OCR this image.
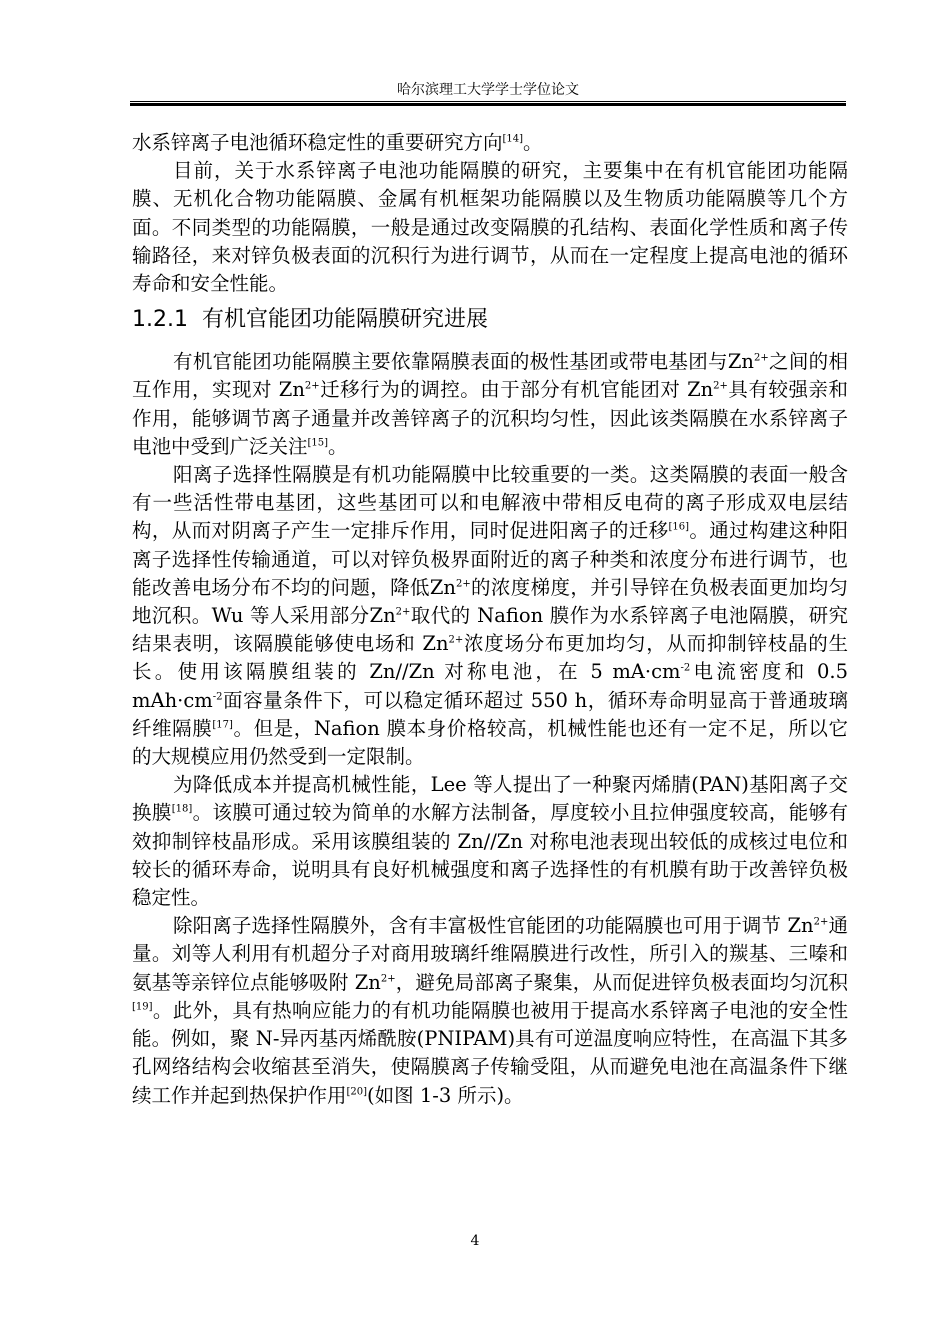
哈尔滨理工大学学士学位论文

水系锌离子电池循环稳定性的重要研究方向[14]。

目前，关于水系锌离子电池功能隔膜的研究，主要集中在有机官能团功能隔膜、无机化合物功能隔膜、金属有机框架功能隔膜以及生物质功能隔膜等几个方面。不同类型的功能隔膜，一般是通过改变隔膜的孔结构、表面化学性质和离子传输路径，来对锌负极表面的沉积行为进行调节，从而在一定程度上提高电池的循环寿命和安全性能。

1.2.1 有机官能团功能隔膜研究进展

有机官能团功能隔膜主要依靠隔膜表面的极性基团或带电基团与$Zn^{2+}$之间的相互作用，实现对 $Zn^{2+}$迁移行为的调控。由于部分有机官能团对 $Zn^{2+}$具有较强亲和作用，能够调节离子通量并改善锌离子的沉积均匀性，因此该类隔膜在水系锌离子电池中受到广泛关注[15]。

阳离子选择性隔膜是有机功能隔膜中比较重要的一类。这类隔膜的表面一般含有一些活性带电基团，这些基团可以和电解液中带相反电荷的离子形成双电层结构，从而对阴离子产生一定排斥作用，同时促进阳离子的迁移[16]。通过构建这种阳离子选择性传输通道，可以对锌负极界面附近的离子种类和浓度分布进行调节，也能改善电场分布不均的问题，降低$Zn^{2+}$的浓度梯度，并引导锌在负极表面更加均匀地沉积。Wu 等人采用部分$Zn^{2+}$取代的 Nafion 膜作为水系锌离子电池隔膜，研究结果表明，该隔膜能够使电场和 $Zn^{2+}$浓度场分布更加均匀，从而抑制锌枝晶的生长。使用该隔膜组装的 Zn//Zn 对称电池，在 5 $mA\cdot cm^{-2}$电流密度和 0.5 $mAh\cdot cm^{-2}$面容量条件下，可以稳定循环超过 550 h，循环寿命明显高于普通玻璃纤维隔膜[17]。但是，Nafion 膜本身价格较高，机械性能也还有一定不足，所以它的大规模应用仍然受到一定限制。

为降低成本并提高机械性能，Lee 等人提出了一种聚丙烯腈(PAN)基阳离子交换膜[18]。该膜可通过较为简单的水解方法制备，厚度较小且拉伸强度较高，能够有效抑制锌枝晶形成。采用该膜组装的 Zn//Zn 对称电池表现出较低的成核过电位和较长的循环寿命，说明具有良好机械强度和离子选择性的有机膜有助于改善锌负极稳定性。

除阳离子选择性隔膜外，含有丰富极性官能团的功能隔膜也可用于调节 $Zn^{2+}$通量。刘等人利用有机超分子对商用玻璃纤维隔膜进行改性，所引入的羰基、三嗪和氨基等亲锌位点能够吸附 $Zn^{2+}$，避免局部离子聚集，从而促进锌负极表面均匀沉积[19]。此外，具有热响应能力的有机功能隔膜也被用于提高水系锌离子电池的安全性能。例如，聚 N-异丙基丙烯酰胺(PNIPAM)具有可逆温度响应特性，在高温下其多孔网络结构会收缩甚至消失，使隔膜离子传输受阻，从而避免电池在高温条件下继续工作并起到热保护作用[20](如图 1-3 所示)。

4
